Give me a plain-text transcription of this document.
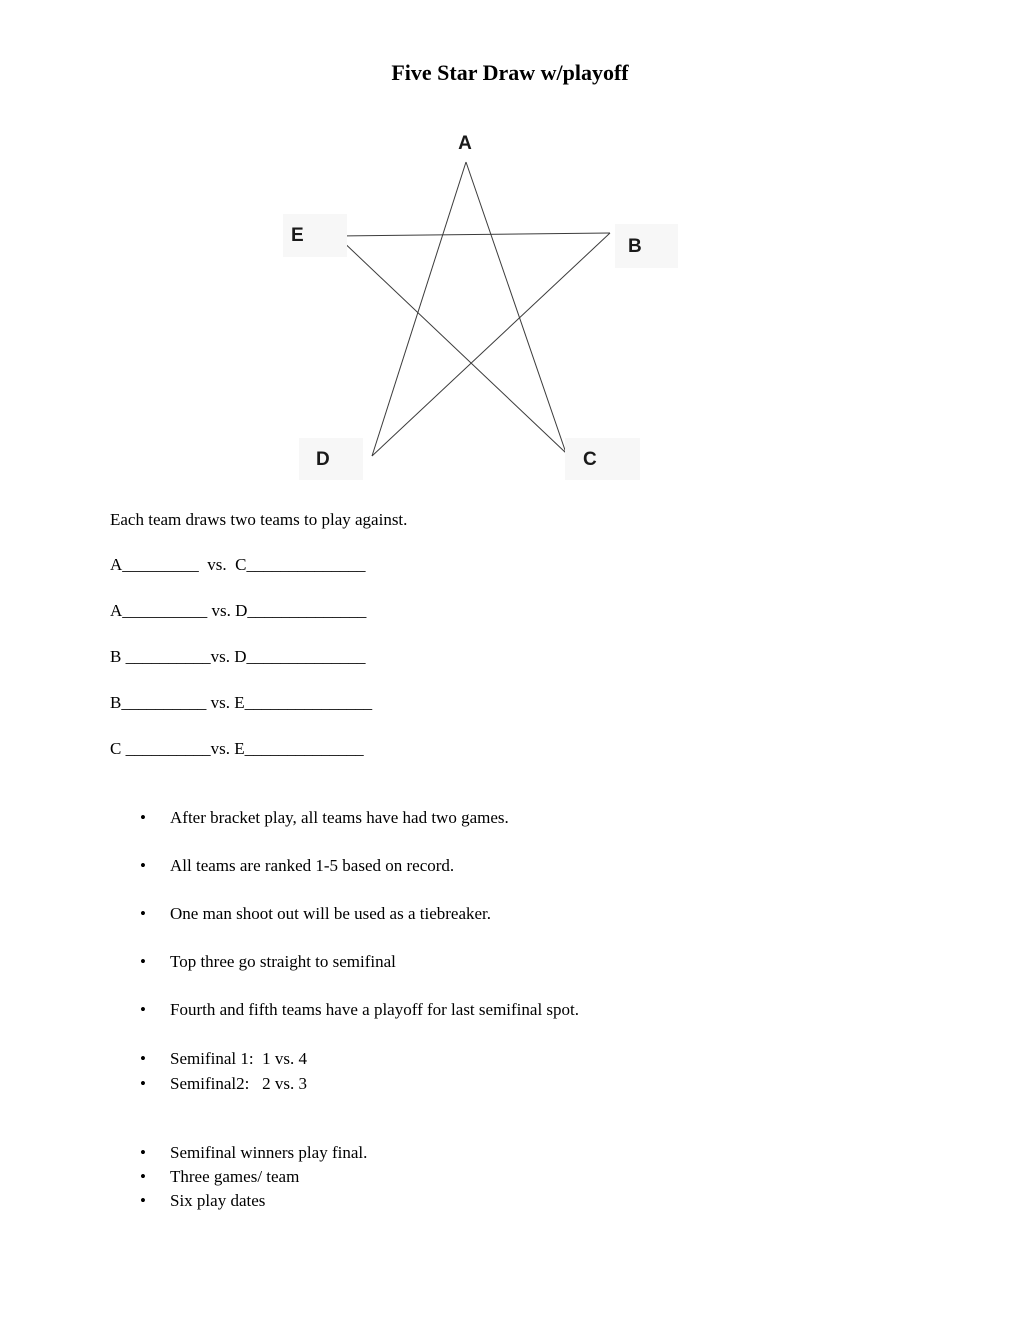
Five Star Draw w/playoff
A
E	B
D	C
Each team draws two teams to play against.
A_________  vs.  C______________
A__________ vs. D______________
B __________vs. D______________
B__________ vs. E_______________
C __________vs. E______________
•	After bracket play, all teams have had two games.
•	All teams are ranked 1-5 based on record.
•	One man shoot out will be used as a tiebreaker.
•	Top three go straight to semifinal
•	Fourth and fifth teams have a playoff for last semifinal spot.
•	Semifinal 1:  1 vs. 4
•	Semifinal2:   2 vs. 3
•	Semifinal winners play final.
•	Three games/ team
•	Six play dates
